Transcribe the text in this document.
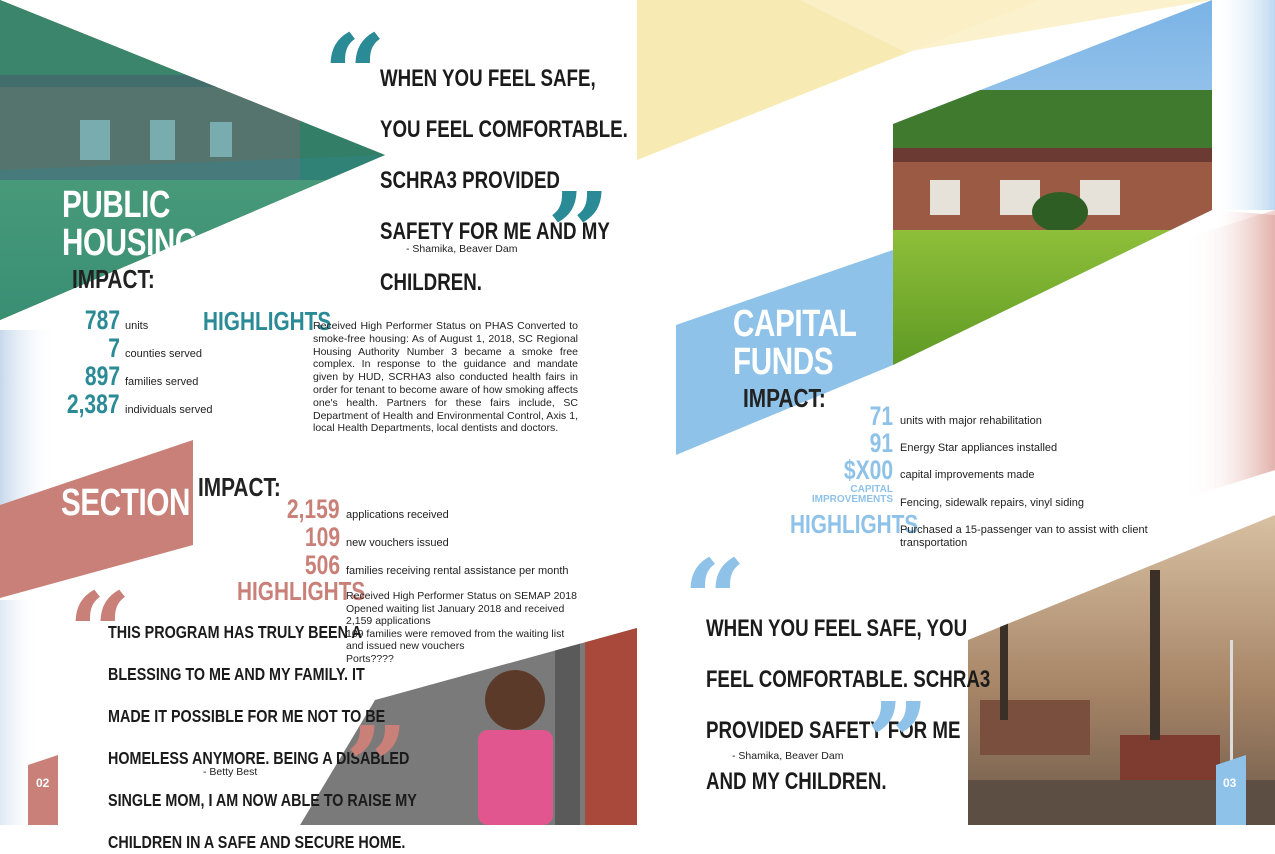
PUBLIC
HOUSING
IMPACT:
787 units
7 counties served
897 families served
2,387 individuals served
HIGHLIGHTS
Received High Performer Status on PHAS Converted to smoke-free housing: As of August 1, 2018, SC Regional Housing Authority Number 3 became a smoke free complex. In response to the guidance and mandate given by HUD, SCRHA3 also conducted health fairs in order for tenant to become aware of how smoking affects one's health. Partners for these fairs include, SC Department of Health and Environmental Control, Axis 1, local Health Departments, local dentists and doctors.
“
WHEN YOU FEEL SAFE,

YOU FEEL COMFORTABLE.

SCHRA3 PROVIDED

SAFETY FOR ME AND MY

CHILDREN. ”
- Shamika, Beaver Dam
SECTION 8
IMPACT:
2,159 applications received
109 new vouchers issued
506 families receiving rental assistance per month
HIGHLIGHTS
Received High Performer Status on SEMAP 2018
Opened waiting list January 2018 and received
2,159 applications
109 families were removed from the waiting list
and issued new vouchers
Ports????
“
THIS PROGRAM HAS TRULY BEEN A

BLESSING TO ME AND MY FAMILY. IT

MADE IT POSSIBLE FOR ME NOT TO BE

HOMELESS ANYMORE. BEING A DISABLED

SINGLE MOM, I AM NOW ABLE TO RAISE MY

CHILDREN IN A SAFE AND SECURE HOME.
”
- Betty Best
02
CAPITAL
FUNDS
IMPACT:
71 units with major rehabilitation
91 Energy Star appliances installed
$X00 capital improvements made
CAPITAL
IMPROVEMENTS Fencing, sidewalk repairs, vinyl siding
HIGHLIGHTS
Purchased a 15-passenger van to assist with client transportation
“
WHEN YOU FEEL SAFE, YOU

FEEL COMFORTABLE. SCHRA3

PROVIDED SAFETY FOR ME

AND MY CHILDREN.
”
- Shamika, Beaver Dam
03
